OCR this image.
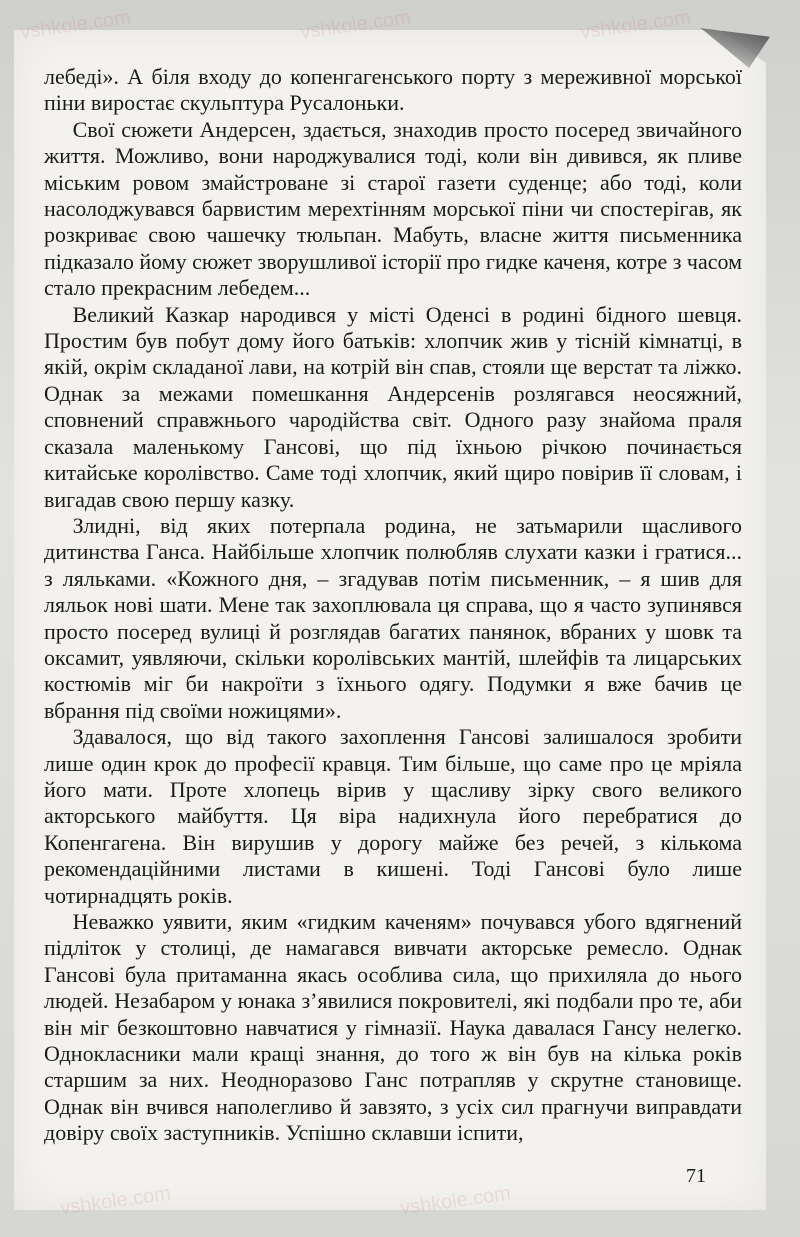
лебеді». А біля входу до копенгагенського порту з мереживної морської піни виростає скульптура Русалоньки.

Свої сюжети Андерсен, здається, знаходив просто посеред звичайного життя. Можливо, вони народжувалися тоді, коли він дивився, як пливе міським ровом змайстроване зі старої газети суденце; або тоді, коли насолоджувався барвистим мерехтінням морської піни чи спостерігав, як розкриває свою чашечку тюльпан. Мабуть, власне життя письменника підказало йому сюжет зворушливої історії про гидке каченя, котре з часом стало прекрасним лебедем...

Великий Казкар народився у місті Оденсі в родині бідного шевця. Простим був побут дому його батьків: хлопчик жив у тісній кімнатці, в якій, окрім складаної лави, на котрій він спав, стояли ще верстат та ліжко. Однак за межами помешкання Андерсенів розлягався неосяжний, сповнений справжнього чародійства світ. Одного разу знайома праля сказала маленькому Гансові, що під їхньою річкою починається китайське королівство. Саме тоді хлопчик, який щиро повірив її словам, і вигадав свою першу казку.

Злидні, від яких потерпала родина, не затьмарили щасливого дитинства Ганса. Найбільше хлопчик полюбляв слухати казки і гратися... з ляльками. «Кожного дня, – згадував потім письменник, – я шив для ляльок нові шати. Мене так захоплювала ця справа, що я часто зупинявся просто посеред вулиці й розглядав багатих панянок, вбраних у шовк та оксамит, уявляючи, скільки королівських мантій, шлейфів та лицарських костюмів міг би накроїти з їхнього одягу. Подумки я вже бачив це вбрання під своїми ножицями».

Здавалося, що від такого захоплення Гансові залишалося зробити лише один крок до професії кравця. Тим більше, що саме про це мріяла його мати. Проте хлопець вірив у щасливу зірку свого великого акторського майбуття. Ця віра надихнула його перебратися до Копенгагена. Він вирушив у дорогу майже без речей, з кількома рекомендаційними листами в кишені. Тоді Гансові було лише чотирнадцять років.

Неважко уявити, яким «гидким каченям» почувався убого вдягнений підліток у столиці, де намагався вивчати акторське ремесло. Однак Гансові була притаманна якась особлива сила, що прихиляла до нього людей. Незабаром у юнака з’явилися покровителі, які подбали про те, аби він міг безкоштовно навчатися у гімназії. Наука давалася Гансу нелегко. Однокласники мали кращі знання, до того ж він був на кілька років старшим за них. Неодноразово Ганс потрапляв у скрутне становище. Однак він вчився наполегливо й завзято, з усіх сил прагнучи виправдати довіру своїх заступників. Успішно склавши іспити,

71
